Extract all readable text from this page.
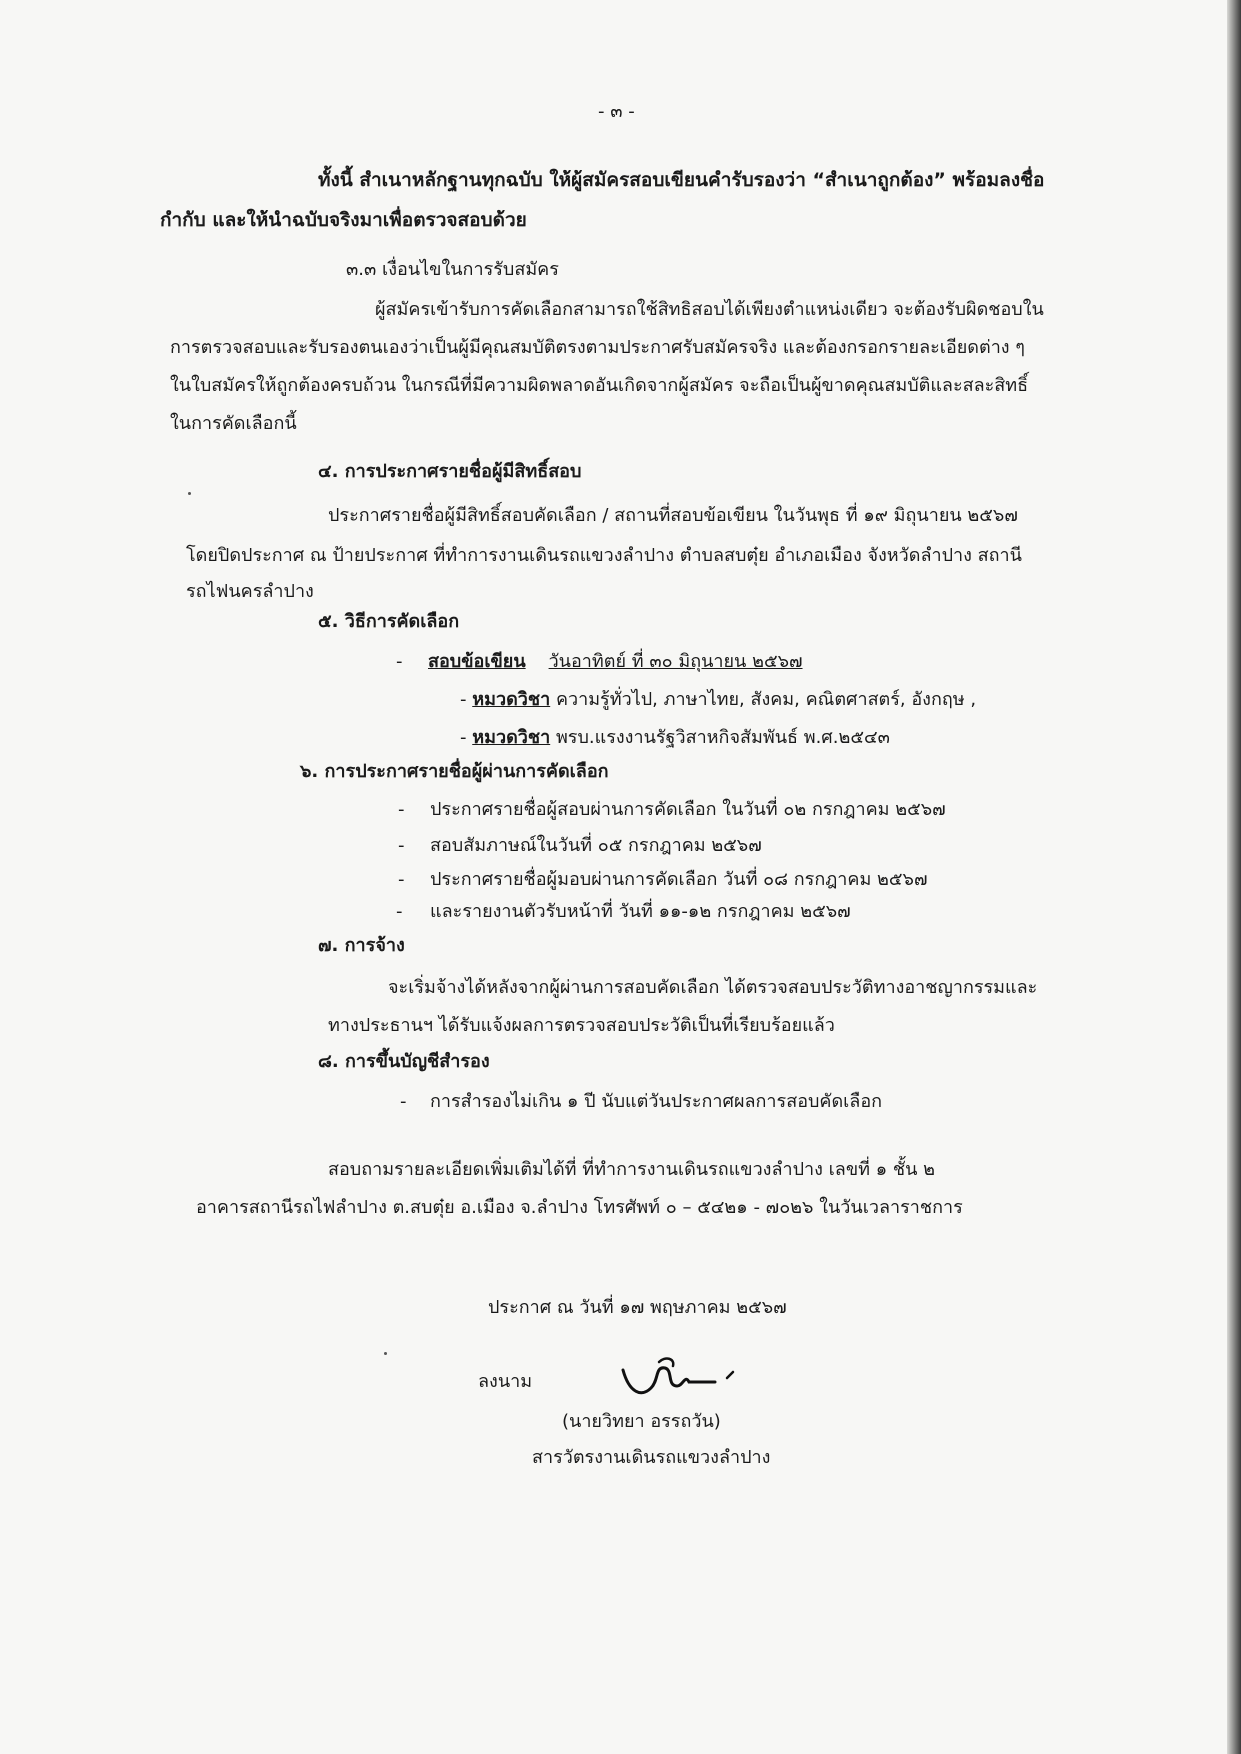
- ๓ -
ทั้งนี้ สำเนาหลักฐานทุกฉบับ ให้ผู้สมัครสอบเขียนคำรับรองว่า “สำเนาถูกต้อง” พร้อมลงชื่อ
กำกับ และให้นำฉบับจริงมาเพื่อตรวจสอบด้วย
๓.๓ เงื่อนไขในการรับสมัคร
ผู้สมัครเข้ารับการคัดเลือกสามารถใช้สิทธิสอบได้เพียงตำแหน่งเดียว จะต้องรับผิดชอบใน
การตรวจสอบและรับรองตนเองว่าเป็นผู้มีคุณสมบัติตรงตามประกาศรับสมัครจริง และต้องกรอกรายละเอียดต่าง ๆ
ในใบสมัครให้ถูกต้องครบถ้วน ในกรณีที่มีความผิดพลาดอันเกิดจากผู้สมัคร จะถือเป็นผู้ขาดคุณสมบัติและสละสิทธิ์
ในการคัดเลือกนี้
๔. การประกาศรายชื่อผู้มีสิทธิ์สอบ
ประกาศรายชื่อผู้มีสิทธิ์สอบคัดเลือก / สถานที่สอบข้อเขียน ในวันพุธ ที่ ๑๙ มิถุนายน ๒๕๖๗
โดยปิดประกาศ ณ ป้ายประกาศ ที่ทำการงานเดินรถแขวงลำปาง ตำบลสบตุ๋ย อำเภอเมือง จังหวัดลำปาง สถานี
รถไฟนครลำปาง
๕. วิธีการคัดเลือก
- สอบข้อเขียน วันอาทิตย์ ที่ ๓๐ มิถุนายน ๒๕๖๗
- หมวดวิชา ความรู้ทั่วไป, ภาษาไทย, สังคม, คณิตศาสตร์, อังกฤษ ,
- หมวดวิชา พรบ.แรงงานรัฐวิสาหกิจสัมพันธ์ พ.ศ.๒๕๔๓
๖. การประกาศรายชื่อผู้ผ่านการคัดเลือก
- ประกาศรายชื่อผู้สอบผ่านการคัดเลือก ในวันที่ ๐๒ กรกฎาคม ๒๕๖๗
- สอบสัมภาษณ์ในวันที่ ๐๕ กรกฎาคม ๒๕๖๗
- ประกาศรายชื่อผู้มอบผ่านการคัดเลือก วันที่ ๐๘ กรกฎาคม ๒๕๖๗
- และรายงานตัวรับหน้าที่ วันที่ ๑๑-๑๒ กรกฎาคม ๒๕๖๗
๗. การจ้าง
จะเริ่มจ้างได้หลังจากผู้ผ่านการสอบคัดเลือก ได้ตรวจสอบประวัติทางอาชญากรรมและ
ทางประธานฯ ได้รับแจ้งผลการตรวจสอบประวัติเป็นที่เรียบร้อยแล้ว
๘. การขึ้นบัญชีสำรอง
- การสำรองไม่เกิน ๑ ปี นับแต่วันประกาศผลการสอบคัดเลือก
สอบถามรายละเอียดเพิ่มเติมได้ที่ ที่ทำการงานเดินรถแขวงลำปาง เลขที่ ๑ ชั้น ๒
อาคารสถานีรถไฟลำปาง ต.สบตุ๋ย อ.เมือง จ.ลำปาง โทรศัพท์ ๐ – ๕๔๒๑ - ๗๐๒๖ ในวันเวลาราชการ
ประกาศ ณ วันที่ ๑๗ พฤษภาคม ๒๕๖๗
ลงนาม
(นายวิทยา อรรถวัน)
สารวัตรงานเดินรถแขวงลำปาง
